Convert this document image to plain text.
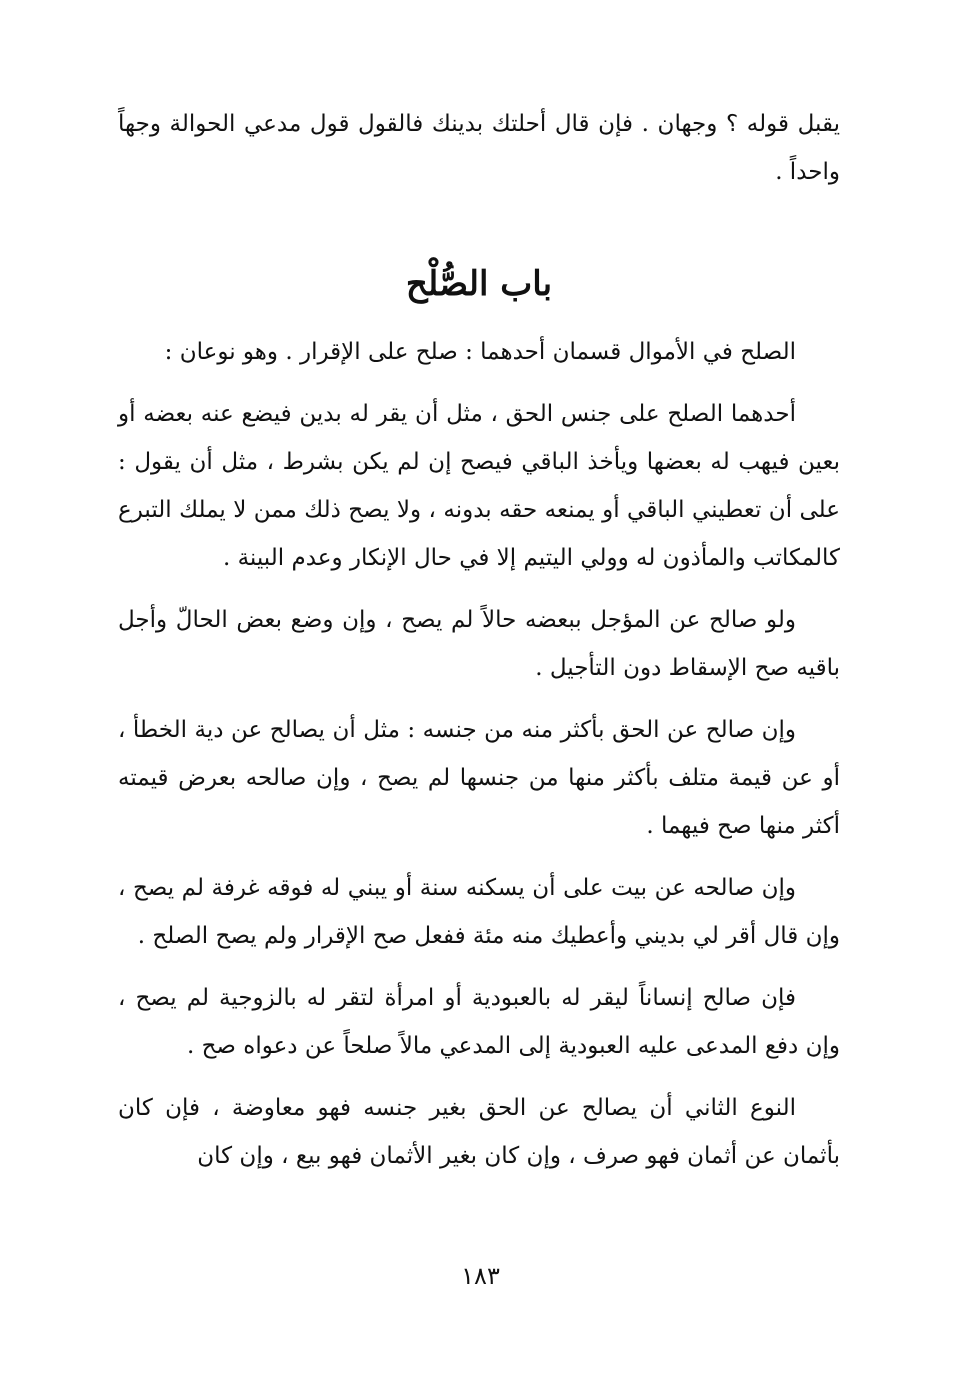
يقبل قوله ؟ وجهان . فإن قال أحلتك بدينك فالقول قول مدعي الحوالة وجهاً واحداً .

باب الصُّلْح

الصلح في الأموال قسمان أحدهما : صلح على الإقرار . وهو نوعان :

أحدهما الصلح على جنس الحق ، مثل أن يقر له بدين فيضع عنه بعضه أو بعين فيهب له بعضها ويأخذ الباقي فيصح إن لم يكن بشرط ، مثل أن يقول : على أن تعطيني الباقي أو يمنعه حقه بدونه ، ولا يصح ذلك ممن لا يملك التبرع كالمكاتب والمأذون له وولي اليتيم إلا في حال الإنكار وعدم البينة .

ولو صالح عن المؤجل ببعضه حالاً لم يصح ، وإن وضع بعض الحالّ وأجل باقيه صح الإسقاط دون التأجيل .

وإن صالح عن الحق بأكثر منه من جنسه : مثل أن يصالح عن دية الخطأ ، أو عن قيمة متلف بأكثر منها من جنسها لم يصح ، وإن صالحه بعرض قيمته أكثر منها صح فيهما .

وإن صالحه عن بيت على أن يسكنه سنة أو يبني له فوقه غرفة لم يصح ، وإن قال أقر لي بديني وأعطيك منه مئة ففعل صح الإقرار ولم يصح الصلح .

فإن صالح إنساناً ليقر له بالعبودية أو امرأة لتقر له بالزوجية لم يصح ، وإن دفع المدعى عليه العبودية إلى المدعي مالاً صلحاً عن دعواه صح .

النوع الثاني أن يصالح عن الحق بغير جنسه فهو معاوضة ، فإن كان بأثمان عن أثمان فهو صرف ، وإن كان بغير الأثمان فهو بيع ، وإن كان

١٨٣
